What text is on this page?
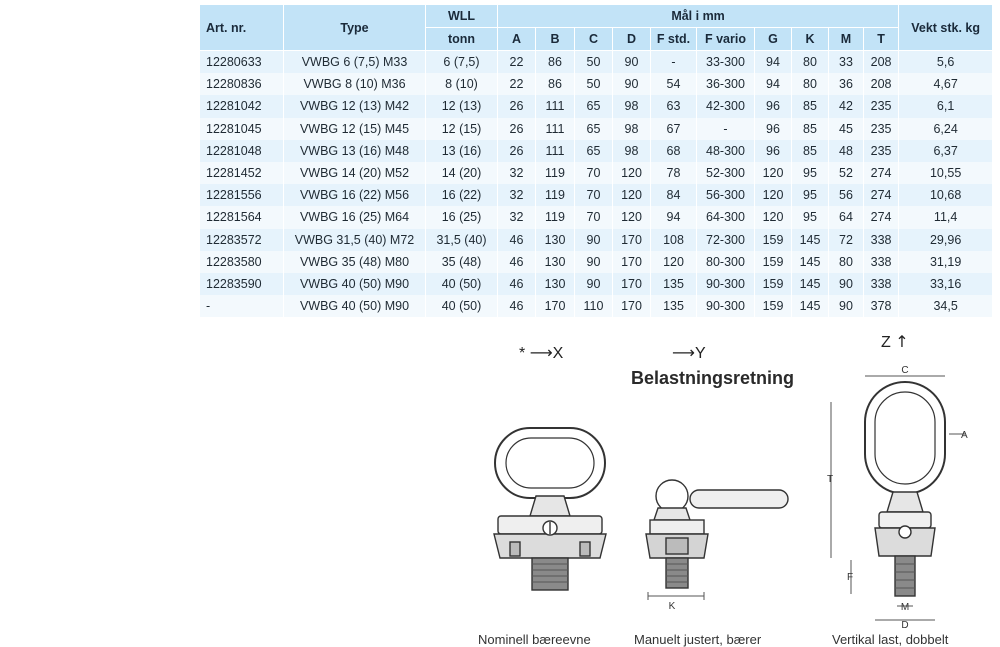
Art. nr.	Type	WLL	Mål i mm										Vekt stk. kg
		tonn	A	B	C	D	F std.	F vario	G	K	M	T	
12280633	VWBG 6 (7,5) M33	6 (7,5)	22	86	50	90	-	33-300	94	80	33	208	5,6
12280836	VWBG 8 (10) M36	8 (10)	22	86	50	90	54	36-300	94	80	36	208	4,67
12281042	VWBG 12 (13) M42	12 (13)	26	111	65	98	63	42-300	96	85	42	235	6,1
12281045	VWBG 12 (15) M45	12 (15)	26	111	65	98	67	-	96	85	45	235	6,24
12281048	VWBG 13 (16) M48	13 (16)	26	111	65	98	68	48-300	96	85	48	235	6,37
12281452	VWBG 14 (20) M52	14 (20)	32	119	70	120	78	52-300	120	95	52	274	10,55
12281556	VWBG 16 (22) M56	16 (22)	32	119	70	120	84	56-300	120	95	56	274	10,68
12281564	VWBG 16 (25) M64	16 (25)	32	119	70	120	94	64-300	120	95	64	274	11,4
12283572	VWBG 31,5 (40) M72	31,5 (40)	46	130	90	170	108	72-300	159	145	72	338	29,96
12283580	VWBG 35 (48) M80	35 (48)	46	130	90	170	120	80-300	159	145	80	338	31,19
12283590	VWBG 40 (50) M90	40 (50)	46	130	90	170	135	90-300	159	145	90	338	33,16
-	VWBG 40 (50) M90	40 (50)	46	170	110	170	135	90-300	159	145	90	378	34,5
* ⟶X	⟶Y
Z ↑
Belastningsretning
K
C
A
T
F
M
D
Nominell bæreevne	Manuelt justert, bærer	Vertikal last, dobbelt
